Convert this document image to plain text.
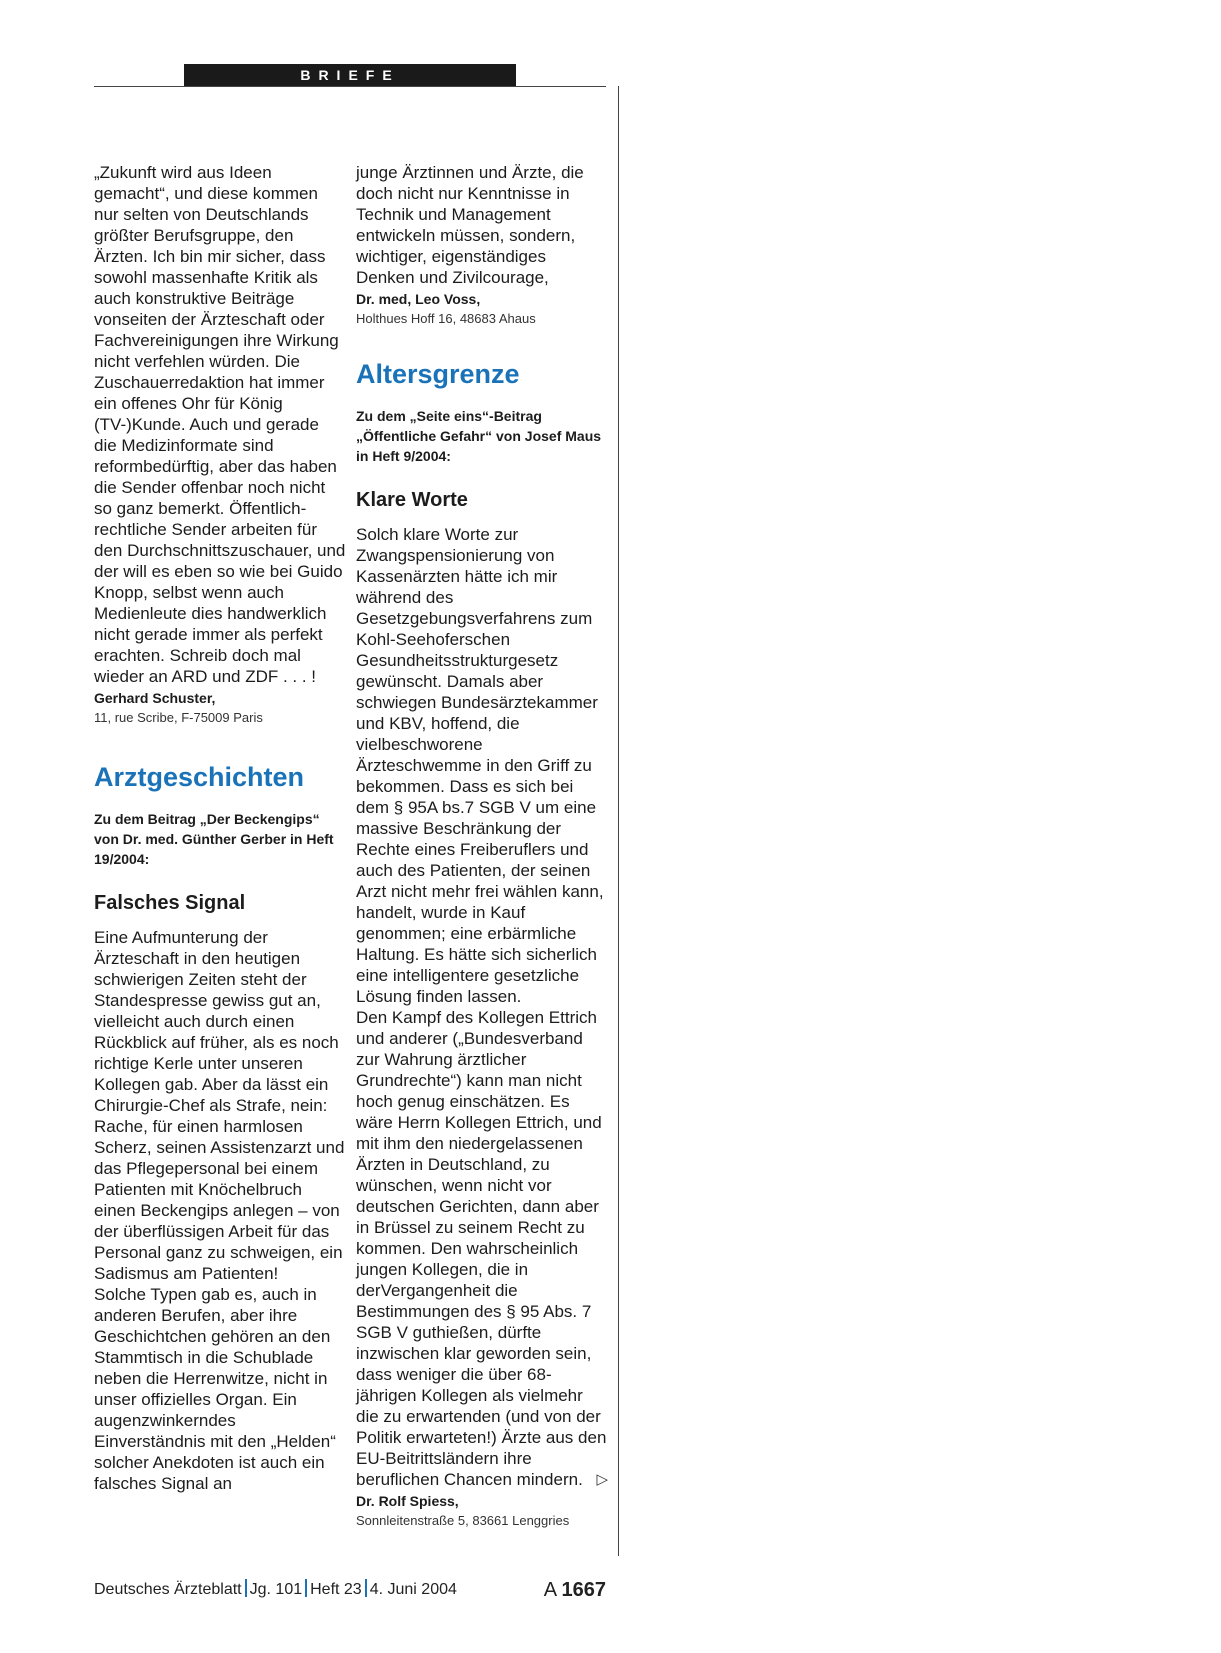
BRIEFE

„Zukunft wird aus Ideen gemacht“, und diese kommen nur selten von Deutschlands größter Berufsgruppe, den Ärzten. Ich bin mir sicher, dass sowohl massenhafte Kritik als auch konstruktive Beiträge vonseiten der Ärzteschaft oder Fachvereinigungen ihre Wirkung nicht verfehlen würden. Die Zuschauerredaktion hat immer ein offenes Ohr für König (TV-)Kunde. Auch und gerade die Medizinformate sind reformbedürftig, aber das haben die Sender offenbar noch nicht so ganz bemerkt. Öffentlich-rechtliche Sender arbeiten für den Durchschnittszuschauer, und der will es eben so wie bei Guido Knopp, selbst wenn auch Medienleute dies handwerklich nicht gerade immer als perfekt erachten. Schreib doch mal wieder an ARD und ZDF . . . !

Gerhard Schuster,

11, rue Scribe, F-75009 Paris

Arztgeschichten

Zu dem Beitrag „Der Beckengips“ von Dr. med. Günther Gerber in Heft 19/2004:

Falsches Signal

Eine Aufmunterung der Ärzteschaft in den heutigen schwierigen Zeiten steht der Standespresse gewiss gut an, vielleicht auch durch einen Rückblick auf früher, als es noch richtige Kerle unter unseren Kollegen gab. Aber da lässt ein Chirurgie-Chef als Strafe, nein: Rache, für einen harmlosen Scherz, seinen Assistenzarzt und das Pflegepersonal bei einem Patienten mit Knöchelbruch einen Beckengips anlegen – von der überflüssigen Arbeit für das Personal ganz zu schweigen, ein Sadismus am Patienten!

Solche Typen gab es, auch in anderen Berufen, aber ihre Geschichtchen gehören an den Stammtisch in die Schublade neben die Herrenwitze, nicht in unser offizielles Organ. Ein augenzwinkerndes Einverständnis mit den „Helden“ solcher Anekdoten ist auch ein falsches Signal an

junge Ärztinnen und Ärzte, die doch nicht nur Kenntnisse in Technik und Management entwickeln müssen, sondern, wichtiger, eigenständiges Denken und Zivilcourage,

Dr. med, Leo Voss,

Holthues Hoff 16, 48683 Ahaus

Altersgrenze

Zu dem „Seite eins“-Beitrag „Öffentliche Gefahr“ von Josef Maus in Heft 9/2004:

Klare Worte

Solch klare Worte zur Zwangspensionierung von Kassenärzten hätte ich mir während des Gesetzgebungsverfahrens zum Kohl-Seehoferschen Gesundheitsstrukturgesetz gewünscht. Damals aber schwiegen Bundesärztekammer und KBV, hoffend, die vielbeschworene Ärzteschwemme in den Griff zu bekommen. Dass es sich bei dem § 95A bs.7 SGB V um eine massive Beschränkung der Rechte eines Freiberuflers und auch des Patienten, der seinen Arzt nicht mehr frei wählen kann, handelt, wurde in Kauf genommen; eine erbärmliche Haltung. Es hätte sich sicherlich eine intelligentere gesetzliche Lösung finden lassen.

Den Kampf des Kollegen Ettrich und anderer („Bundesverband zur Wahrung ärztlicher Grundrechte“) kann man nicht hoch genug einschätzen. Es wäre Herrn Kollegen Ettrich, und mit ihm den niedergelassenen Ärzten in Deutschland, zu wünschen, wenn nicht vor deutschen Gerichten, dann aber in Brüssel zu seinem Recht zu kommen. Den wahrscheinlich jungen Kollegen, die in derVergangenheit die Bestimmungen des § 95 Abs. 7 SGB V guthießen, dürfte inzwischen klar geworden sein, dass weniger die über 68-jährigen Kollegen als vielmehr die zu erwartenden (und von der Politik erwarteten!) Ärzte aus den EU-Beitrittsländern ihre beruflichen Chancen mindern. ▷

Dr. Rolf Spiess,

Sonnleitenstraße 5, 83661 Lenggries

Deutsches Ärzteblatt Jg. 101 Heft 23 4. Juni 2004	A 1667
